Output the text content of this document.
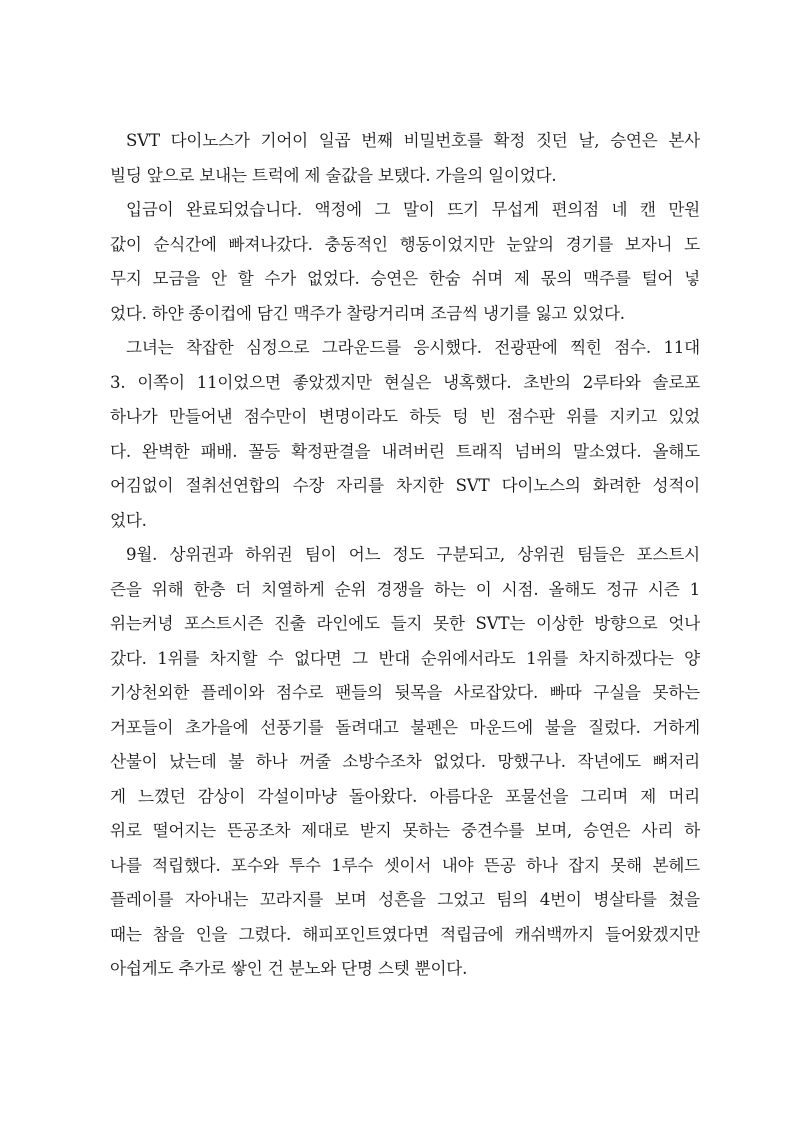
SVT 다이노스가 기어이 일곱 번째 비밀번호를 확정 짓던 날, 승연은 본사
빌딩 앞으로 보내는 트럭에 제 술값을 보탰다. 가을의 일이었다.
입금이 완료되었습니다. 액정에 그 말이 뜨기 무섭게 편의점 네 캔 만원
값이 순식간에 빠져나갔다. 충동적인 행동이었지만 눈앞의 경기를 보자니 도
무지 모금을 안 할 수가 없었다. 승연은 한숨 쉬며 제 몫의 맥주를 털어 넣
었다. 하얀 종이컵에 담긴 맥주가 찰랑거리며 조금씩 냉기를 잃고 있었다.
그녀는 착잡한 심정으로 그라운드를 응시했다. 전광판에 찍힌 점수. 11대
3. 이쪽이 11이었으면 좋았겠지만 현실은 냉혹했다. 초반의 2루타와 솔로포
하나가 만들어낸 점수만이 변명이라도 하듯 텅 빈 점수판 위를 지키고 있었
다. 완벽한 패배. 꼴등 확정판결을 내려버린 트래직 넘버의 말소였다. 올해도
어김없이 절취선연합의 수장 자리를 차지한 SVT 다이노스의 화려한 성적이
었다.
9월. 상위권과 하위권 팀이 어느 정도 구분되고, 상위권 팀들은 포스트시
즌을 위해 한층 더 치열하게 순위 경쟁을 하는 이 시점. 올해도 정규 시즌 1
위는커녕 포스트시즌 진출 라인에도 들지 못한 SVT는 이상한 방향으로 엇나
갔다. 1위를 차지할 수 없다면 그 반대 순위에서라도 1위를 차지하겠다는 양
기상천외한 플레이와 점수로 팬들의 뒷목을 사로잡았다. 빠따 구실을 못하는
거포들이 초가을에 선풍기를 돌려대고 불펜은 마운드에 불을 질렀다. 거하게
산불이 났는데 불 하나 꺼줄 소방수조차 없었다. 망했구나. 작년에도 뼈저리
게 느꼈던 감상이 각설이마냥 돌아왔다. 아름다운 포물선을 그리며 제 머리
위로 떨어지는 뜬공조차 제대로 받지 못하는 중견수를 보며, 승연은 사리 하
나를 적립했다. 포수와 투수 1루수 셋이서 내야 뜬공 하나 잡지 못해 본헤드
플레이를 자아내는 꼬라지를 보며 성흔을 그었고 팀의 4번이 병살타를 쳤을
때는 참을 인을 그렸다. 해피포인트였다면 적립금에 캐쉬백까지 들어왔겠지만
아쉽게도 추가로 쌓인 건 분노와 단명 스텟 뿐이다.
